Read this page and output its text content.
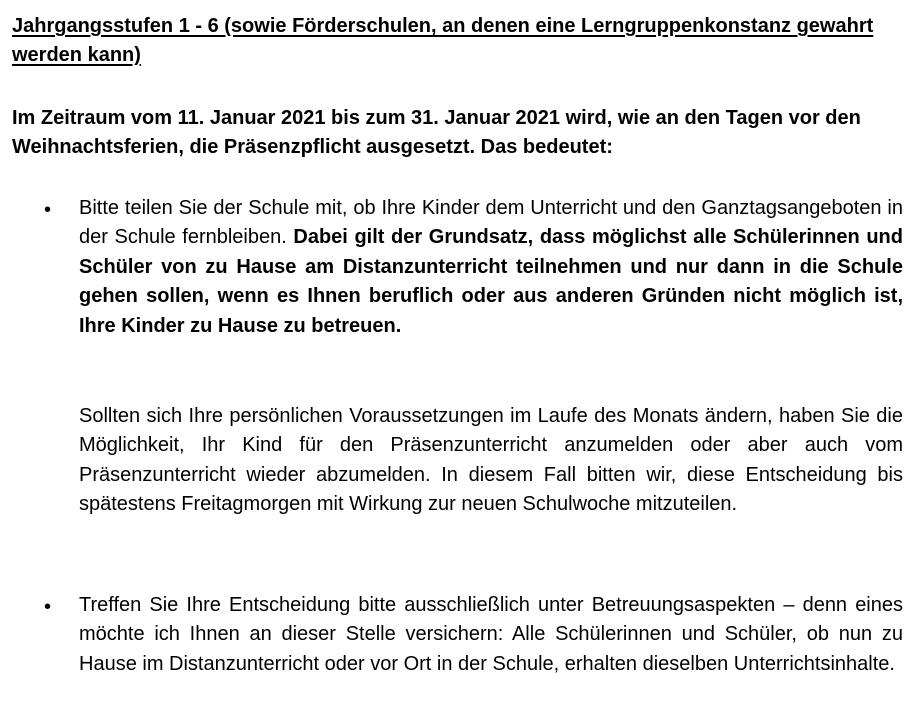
Jahrgangsstufen 1 - 6 (sowie Förderschulen, an denen eine Lerngruppenkonstanz gewahrt werden kann)

Im Zeitraum vom 11. Januar 2021 bis zum 31. Januar 2021 wird, wie an den Tagen vor den Weihnachtsferien, die Präsenzpflicht ausgesetzt. Das bedeutet:

• Bitte teilen Sie der Schule mit, ob Ihre Kinder dem Unterricht und den Ganztagsangeboten in der Schule fernbleiben. Dabei gilt der Grundsatz, dass möglichst alle Schülerinnen und Schüler von zu Hause am Distanzunterricht teilnehmen und nur dann in die Schule gehen sollen, wenn es Ihnen beruflich oder aus anderen Gründen nicht möglich ist, Ihre Kinder zu Hause zu betreuen.

Sollten sich Ihre persönlichen Voraussetzungen im Laufe des Monats ändern, haben Sie die Möglichkeit, Ihr Kind für den Präsenzunterricht anzumelden oder aber auch vom Präsenzunterricht wieder abzumelden. In diesem Fall bitten wir, diese Entscheidung bis spätestens Freitagmorgen mit Wirkung zur neuen Schulwoche mitzuteilen.

• Treffen Sie Ihre Entscheidung bitte ausschließlich unter Betreuungsaspekten – denn eines möchte ich Ihnen an dieser Stelle versichern: Alle Schülerinnen und Schüler, ob nun zu Hause im Distanzunterricht oder vor Ort in der Schule, erhalten dieselben Unterrichtsinhalte.
